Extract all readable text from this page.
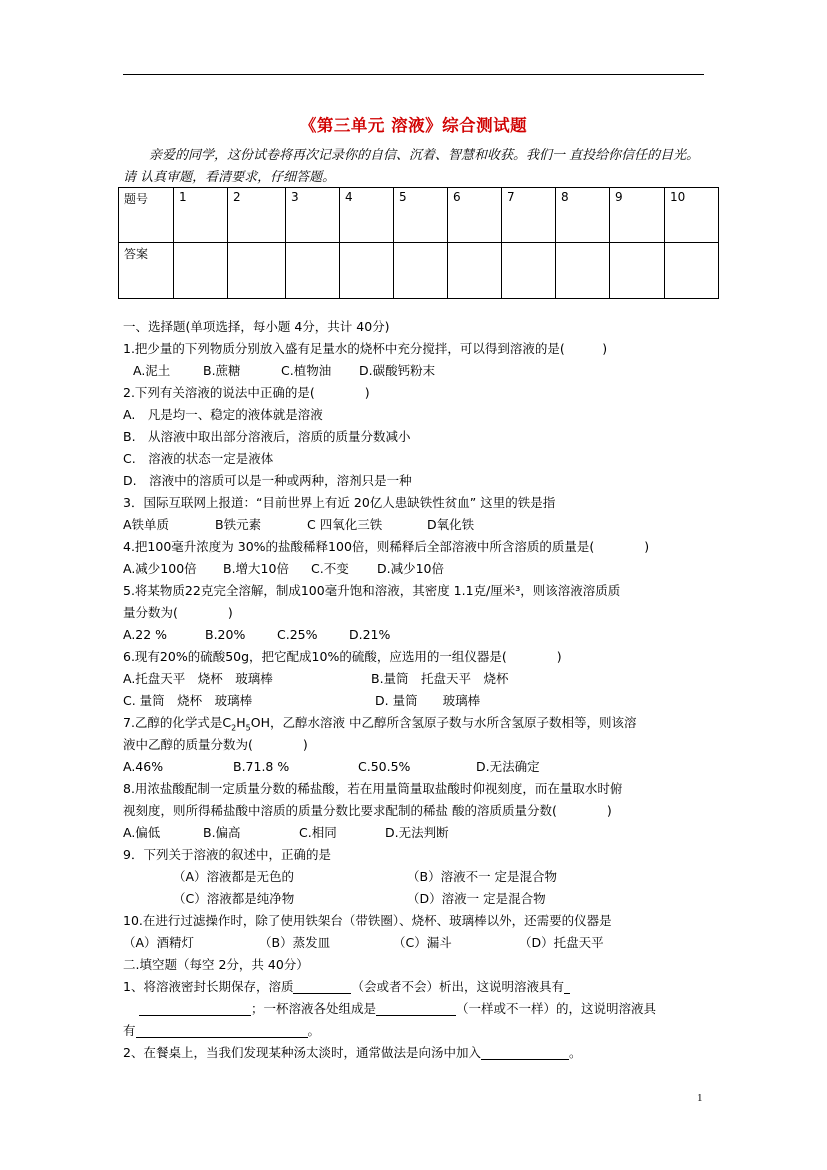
《第三单元 溶液》综合测试题
亲爱的同学，这份试卷将再次记录你的自信、沉着、智慧和收获。我们一 直投给你信任的目光。请 认真审题，看清要求，仔细答题。
题号	1	2	3	4	5	6	7	8	9	10
答案										
一、选择题(单项选择，每小题 4分，共计 40分)
1.把少量的下列物质分别放入盛有足量水的烧杯中充分搅拌，可以得到溶液的是(　　　)
A.泥土	B.蔗糖	C.植物油 D.碳酸钙粉末
2.下列有关溶液的说法中正确的是(　　　　)
A.　凡是均一、稳定的液体就是溶液
B.　从溶液中取出部分溶液后，溶质的质量分数减小
C.　溶液的状态一定是液体
D.　溶液中的溶质可以是一种或两种，溶剂只是一种
3．国际互联网上报道：“目前世界上有近 20亿人患缺铁性贫血” 这里的铁是指
A铁单质	B铁元素	C 四氧化三铁	D氧化铁
4.把100毫升浓度为 30%的盐酸稀释100倍，则稀释后全部溶液中所含溶质的质量是(　　　　)
A.减少100倍 B.增大10倍 C.不变 D.减少10倍
5.将某物质22克完全溶解，制成100毫升饱和溶液，其密度 1.1克/厘米³，则该溶液溶质质
量分数为(　　　　)
A.22 %	B.20%	C.25%	D.21%
6.现有20%的硫酸50g，把它配成10%的硫酸，应选用的一组仪器是(　　　　)
A.托盘天平　烧杯　玻璃棒	B.量筒　托盘天平　烧杯
C. 量筒　烧杯　玻璃棒	D. 量筒　　玻璃棒
7.乙醇的化学式是$C_2H_5OH$，乙醇水溶液 中乙醇所含氢原子数与水所含氢原子数相等，则该溶
液中乙醇的质量分数为(　　　　)
A.46%	B.71.8 %	C.50.5%	D.无法确定
8.用浓盐酸配制一定质量分数的稀盐酸，若在用量筒量取盐酸时仰视刻度，而在量取水时俯
视刻度，则所得稀盐酸中溶质的质量分数比要求配制的稀盐 酸的溶质质量分数(　　　　)
A.偏低	B.偏高	C.相同	D.无法判断
9．下列关于溶液的叙述中，正确的是
（A）溶液都是无色的	（B）溶液不一 定是混合物
（C）溶液都是纯净物	（D）溶液一 定是混合物
10.在进行过滤操作时，除了使用铁架台（带铁圈）、烧杯、玻璃棒以外，还需要的仪器是
（A）酒精灯	（B）蒸发皿	（C）漏斗	（D）托盘天平
二.填空题（每空 2分，共 40分）
1、将溶液密封长期保存，溶质	（会或者不会）析出，这说明溶液具有
；一杯溶液各处组成是	（一样或不一样）的，这说明溶液具
有	。
2、在餐桌上，当我们发现某种汤太淡时，通常做法是向汤中加入	。
1
